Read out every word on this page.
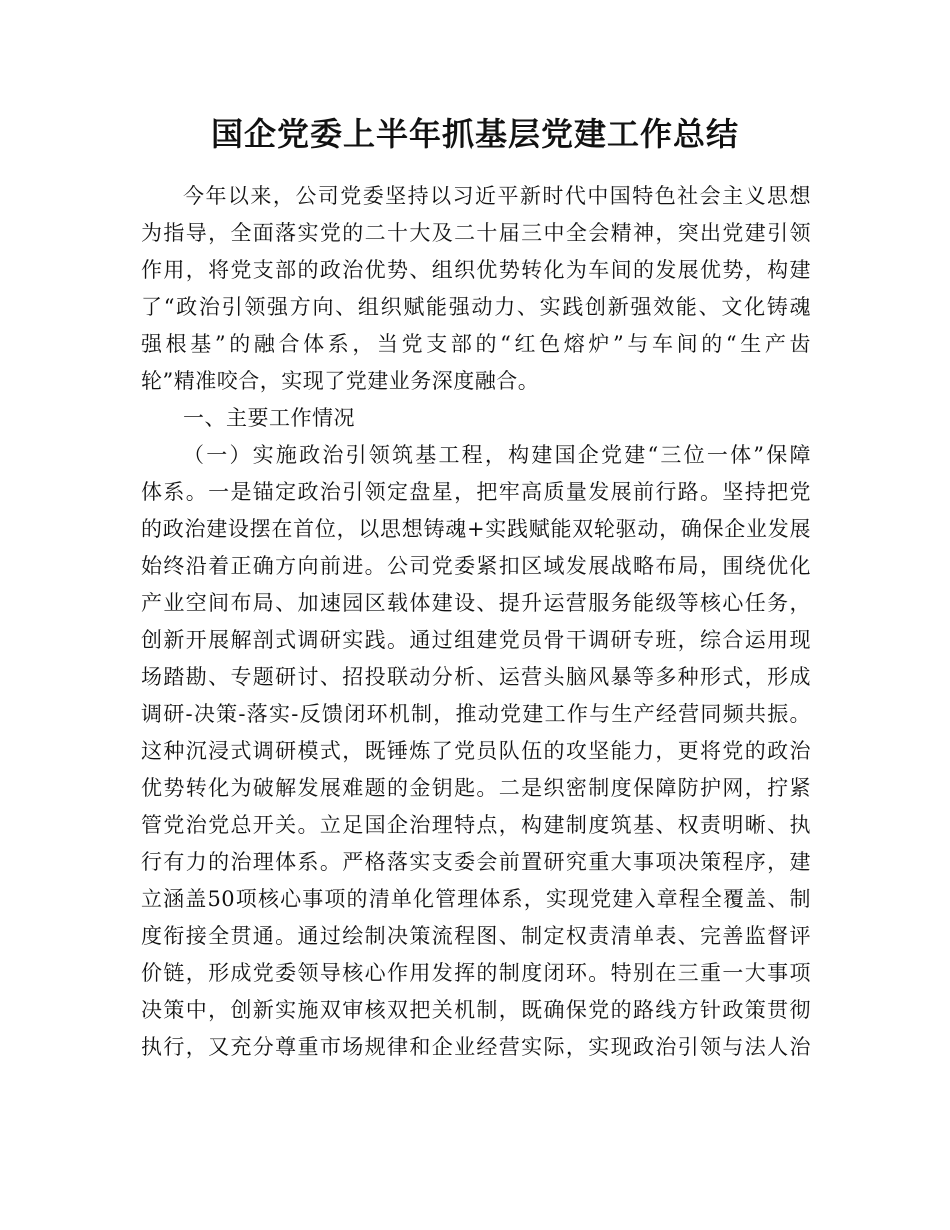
国企党委上半年抓基层党建工作总结
今年以来，公司党委坚持以习近平新时代中国特色社会主义思想
为指导，全面落实党的二十大及二十届三中全会精神，突出党建引领
作用，将党支部的政治优势、组织优势转化为车间的发展优势，构建
了“政治引领强方向、组织赋能强动力、实践创新强效能、文化铸魂
强根基”的融合体系，当党支部的“红色熔炉”与车间的“生产齿
轮”精准咬合，实现了党建业务深度融合。
一、主要工作情况
（一）实施政治引领筑基工程，构建国企党建“三位一体”保障
体系。一是锚定政治引领定盘星，把牢高质量发展前行路。坚持把党
的政治建设摆在首位，以思想铸魂+实践赋能双轮驱动，确保企业发展
始终沿着正确方向前进。公司党委紧扣区域发展战略布局，围绕优化
产业空间布局、加速园区载体建设、提升运营服务能级等核心任务，
创新开展解剖式调研实践。通过组建党员骨干调研专班，综合运用现
场踏勘、专题研讨、招投联动分析、运营头脑风暴等多种形式，形成
调研-决策-落实-反馈闭环机制，推动党建工作与生产经营同频共振。
这种沉浸式调研模式，既锤炼了党员队伍的攻坚能力，更将党的政治
优势转化为破解发展难题的金钥匙。二是织密制度保障防护网，拧紧
管党治党总开关。立足国企治理特点，构建制度筑基、权责明晰、执
行有力的治理体系。严格落实支委会前置研究重大事项决策程序，建
立涵盖50项核心事项的清单化管理体系，实现党建入章程全覆盖、制
度衔接全贯通。通过绘制决策流程图、制定权责清单表、完善监督评
价链，形成党委领导核心作用发挥的制度闭环。特别在三重一大事项
决策中，创新实施双审核双把关机制，既确保党的路线方针政策贯彻
执行，又充分尊重市场规律和企业经营实际，实现政治引领与法人治
